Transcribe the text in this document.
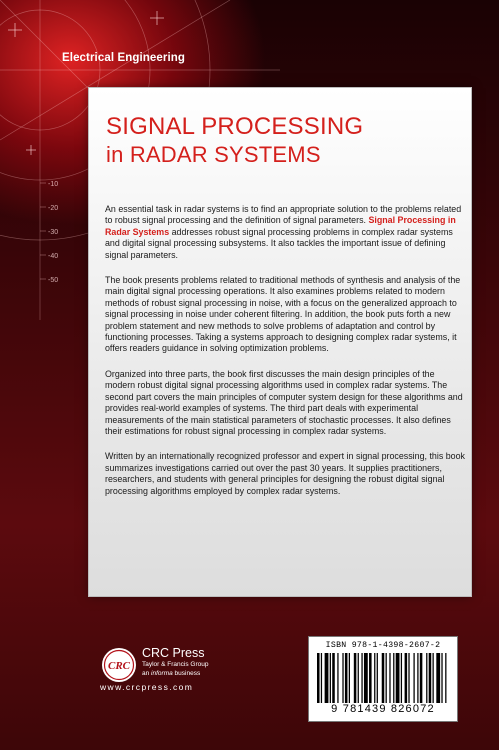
-10
-20
-30
-40
-50
Electrical Engineering
SIGNAL PROCESSING
in RADAR SYSTEMS

An essential task in radar systems is to find an appropriate solution to the problems related to robust signal processing and the definition of signal parameters. Signal Processing in Radar Systems addresses robust signal processing problems in complex radar systems and digital signal processing subsystems. It also tackles the important issue of defining signal parameters.

The book presents problems related to traditional methods of synthesis and analysis of the main digital signal processing operations. It also examines problems related to modern methods of robust signal processing in noise, with a focus on the generalized approach to signal processing in noise under coherent filtering. In addition, the book puts forth a new problem statement and new methods to solve problems of adaptation and control by functioning processes. Taking a systems approach to designing complex radar systems, it offers readers guidance in solving optimization problems.

Organized into three parts, the book first discusses the main design principles of the modern robust digital signal processing algorithms used in complex radar systems. The second part covers the main principles of computer system design for these algorithms and provides real-world examples of systems. The third part deals with experimental measurements of the main statistical parameters of stochastic processes. It also defines their estimations for robust signal processing in complex radar systems.

Written by an internationally recognized professor and expert in signal processing, this book summarizes investigations carried out over the past 30 years. It supplies practitioners, researchers, and students with general principles for designing the robust digital signal processing algorithms employed by complex radar systems.

CRC
CRC Press
Taylor & Francis Group
an informa business
www.crcpress.com
ISBN 978-1-4398-2607-2
9 781439 826072
